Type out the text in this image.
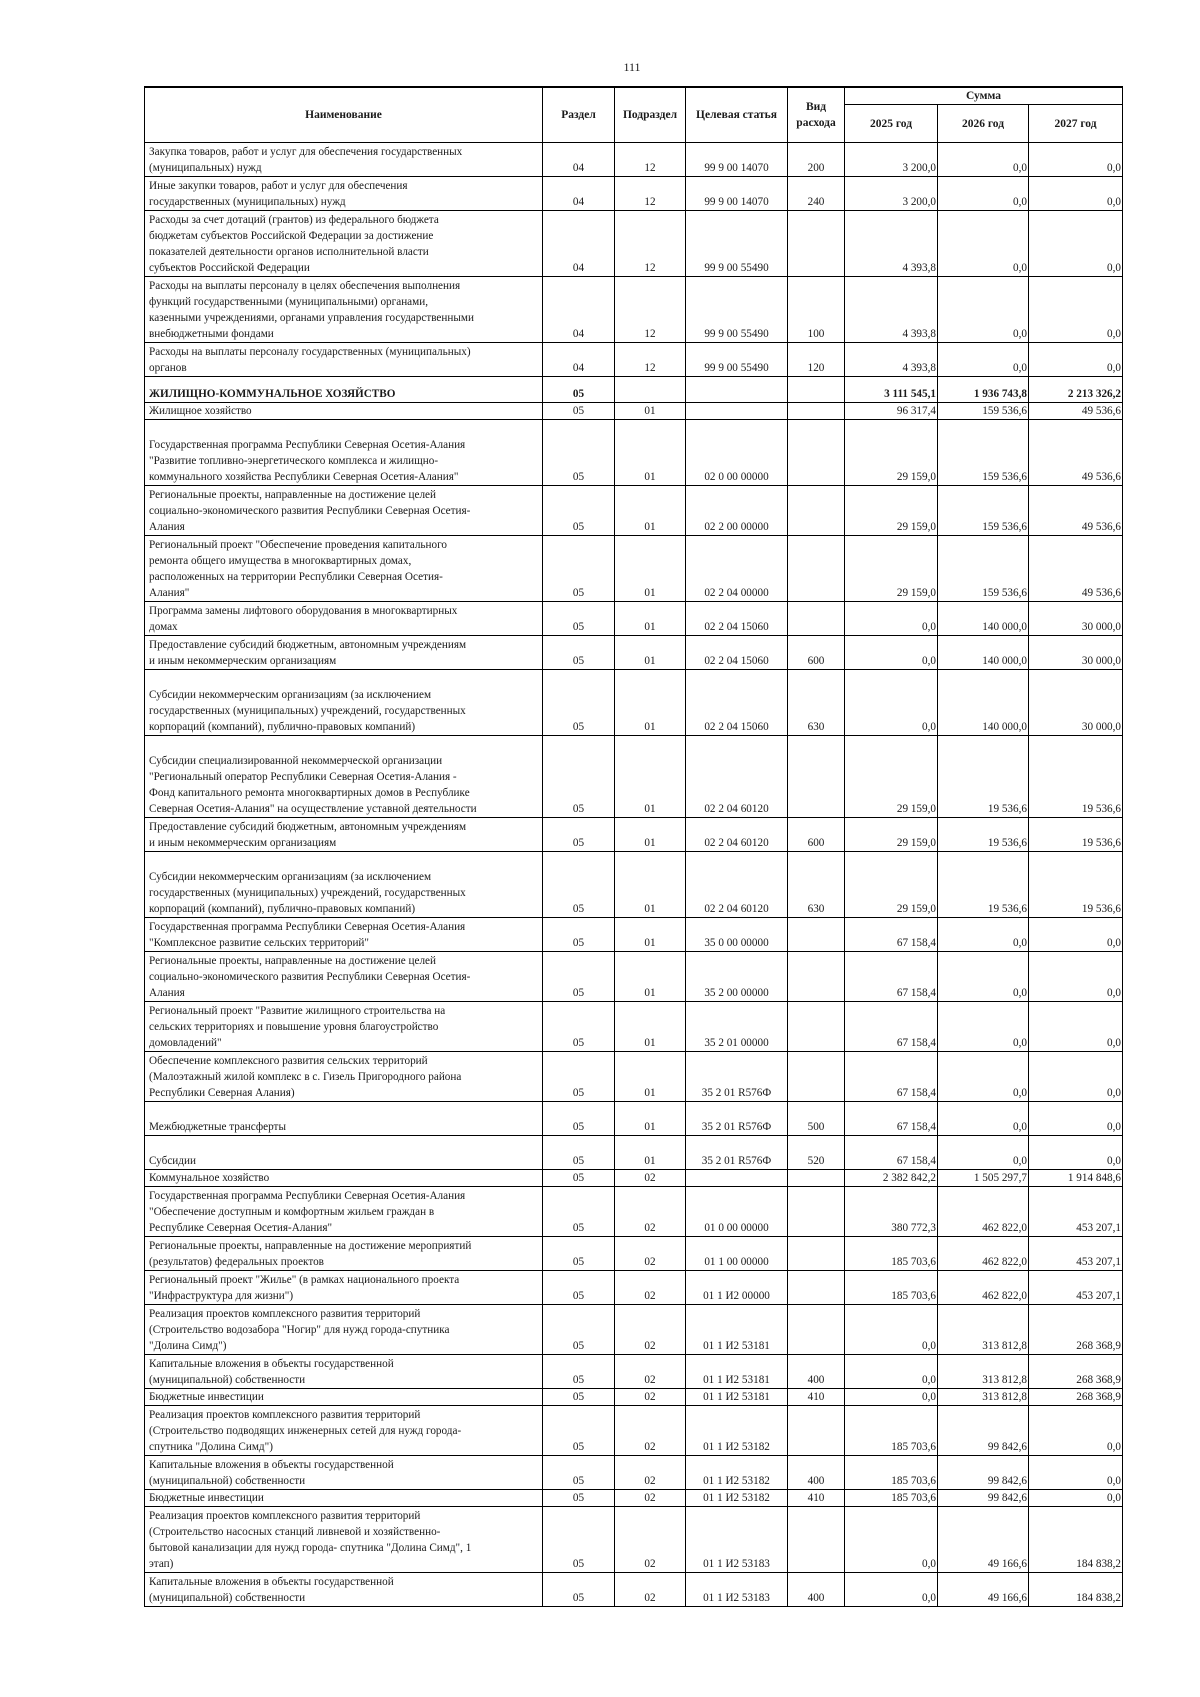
111
Наименование	Раздел	Подраздел	Целевая статья	Вид расхода	Сумма		
					2025 год	2026 год	2027 год

Закупка товаров, работ и услуг для обеспечения государственных
(муниципальных) нужд	04	12	99 9 00 14070	200	3 200,0	0,0	0,0

Иные закупки товаров, работ и услуг для обеспечения
государственных (муниципальных) нужд	04	12	99 9 00 14070	240	3 200,0	0,0	0,0

Расходы за счет дотаций (грантов) из федерального бюджета
бюджетам субъектов Российской Федерации за достижение
показателей деятельности органов исполнительной власти
субъектов Российской Федерации	04	12	99 9 00 55490		4 393,8	0,0	0,0

Расходы на выплаты персоналу в целях обеспечения выполнения
функций государственными (муниципальными) органами,
казенными учреждениями, органами управления государственными
внебюджетными фондами	04	12	99 9 00 55490	100	4 393,8	0,0	0,0

Расходы на выплаты персоналу государственных (муниципальных)
органов	04	12	99 9 00 55490	120	4 393,8	0,0	0,0

ЖИЛИЩНО-КОММУНАЛЬНОЕ ХОЗЯЙСТВО	05				3 111 545,1	1 936 743,8	2 213 326,2

Жилищное хозяйство	05	01			96 317,4	159 536,6	49 536,6

Государственная программа Республики Северная Осетия-Алания
"Развитие топливно-энергетического комплекса и жилищно-
коммунального хозяйства Республики Северная Осетия-Алания"	05	01	02 0 00 00000		29 159,0	159 536,6	49 536,6

Региональные проекты, направленные на достижение целей
социально-экономического развития Республики Северная Осетия-
Алания	05	01	02 2 00 00000		29 159,0	159 536,6	49 536,6

Региональный проект "Обеспечение проведения капитального
ремонта общего имущества в многоквартирных домах,
расположенных на территории Республики Северная Осетия-
Алания"	05	01	02 2 04 00000		29 159,0	159 536,6	49 536,6

Программа замены лифтового оборудования в многоквартирных
домах	05	01	02 2 04 15060		0,0	140 000,0	30 000,0

Предоставление субсидий бюджетным, автономным учреждениям
и иным некоммерческим организациям	05	01	02 2 04 15060	600	0,0	140 000,0	30 000,0

Субсидии некоммерческим организациям (за исключением
государственных (муниципальных) учреждений, государственных
корпораций (компаний), публично-правовых компаний)	05	01	02 2 04 15060	630	0,0	140 000,0	30 000,0

Субсидии специализированной некоммерческой организации
"Региональный оператор Республики Северная Осетия-Алания -
Фонд капитального ремонта многоквартирных домов в Республике
Северная Осетия-Алания" на осуществление уставной деятельности	05	01	02 2 04 60120		29 159,0	19 536,6	19 536,6

Предоставление субсидий бюджетным, автономным учреждениям
и иным некоммерческим организациям	05	01	02 2 04 60120	600	29 159,0	19 536,6	19 536,6

Субсидии некоммерческим организациям (за исключением
государственных (муниципальных) учреждений, государственных
корпораций (компаний), публично-правовых компаний)	05	01	02 2 04 60120	630	29 159,0	19 536,6	19 536,6

Государственная программа Республики Северная Осетия-Алания
"Комплексное развитие сельских территорий"	05	01	35 0 00 00000		67 158,4	0,0	0,0

Региональные проекты, направленные на достижение целей
социально-экономического развития Республики Северная Осетия-
Алания	05	01	35 2 00 00000		67 158,4	0,0	0,0

Региональный проект "Развитие жилищного строительства на
сельских территориях и повышение уровня благоустройство
домовладений"	05	01	35 2 01 00000		67 158,4	0,0	0,0

Обеспечение комплексного развития сельских территорий
(Малоэтажный жилой комплекс в с. Гизель Пригородного района
Республики Северная Алания)	05	01	35 2 01 R576Ф		67 158,4	0,0	0,0

Межбюджетные трансферты	05	01	35 2 01 R576Ф	500	67 158,4	0,0	0,0

Субсидии	05	01	35 2 01 R576Ф	520	67 158,4	0,0	0,0

Коммунальное хозяйство	05	02			2 382 842,2	1 505 297,7	1 914 848,6

Государственная программа Республики Северная Осетия-Алания
"Обеспечение доступным и комфортным жильем граждан в
Республике Северная Осетия-Алания"	05	02	01 0 00 00000		380 772,3	462 822,0	453 207,1

Региональные проекты, направленные на достижение мероприятий
(результатов) федеральных проектов	05	02	01 1 00 00000		185 703,6	462 822,0	453 207,1

Региональный проект "Жилье" (в рамках национального проекта
"Инфраструктура для жизни")	05	02	01 1 И2 00000		185 703,6	462 822,0	453 207,1

Реализация проектов комплексного развития территорий
(Строительство водозабора "Ногир" для нужд города-спутника
"Долина Симд")	05	02	01 1 И2 53181		0,0	313 812,8	268 368,9

Капитальные вложения в объекты государственной
(муниципальной) собственности	05	02	01 1 И2 53181	400	0,0	313 812,8	268 368,9

Бюджетные инвестиции	05	02	01 1 И2 53181	410	0,0	313 812,8	268 368,9

Реализация проектов комплексного развития территорий
(Строительство подводящих инженерных сетей для нужд города-
спутника "Долина Симд")	05	02	01 1 И2 53182		185 703,6	99 842,6	0,0

Капитальные вложения в объекты государственной
(муниципальной) собственности	05	02	01 1 И2 53182	400	185 703,6	99 842,6	0,0

Бюджетные инвестиции	05	02	01 1 И2 53182	410	185 703,6	99 842,6	0,0

Реализация проектов комплексного развития территорий
(Строительство насосных станций ливневой и хозяйственно-
бытовой канализации для нужд города- спутника "Долина Симд", 1
этап)	05	02	01 1 И2 53183		0,0	49 166,6	184 838,2

Капитальные вложения в объекты государственной
(муниципальной) собственности	05	02	01 1 И2 53183	400	0,0	49 166,6	184 838,2
